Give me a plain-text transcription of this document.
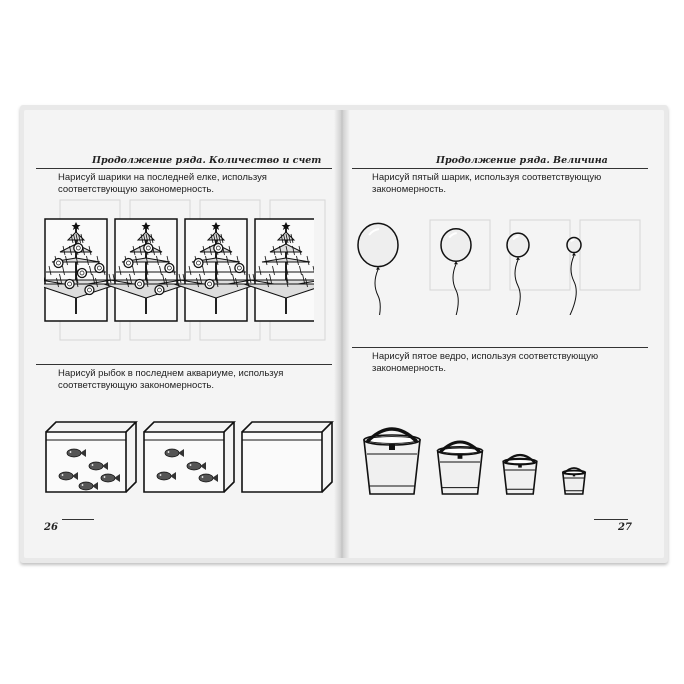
Продолжение ряда. Количество и счет
Нарисуй шарики на последней елке, используя
соответствующую закономерность.
Нарисуй рыбок в последнем аквариуме, используя
соответствующую закономерность.
26
Продолжение ряда. Величина
Нарисуй пятый шарик, используя соответствующую
закономерность.
Нарисуй пятое ведро, используя соответствующую
закономерность.
27
